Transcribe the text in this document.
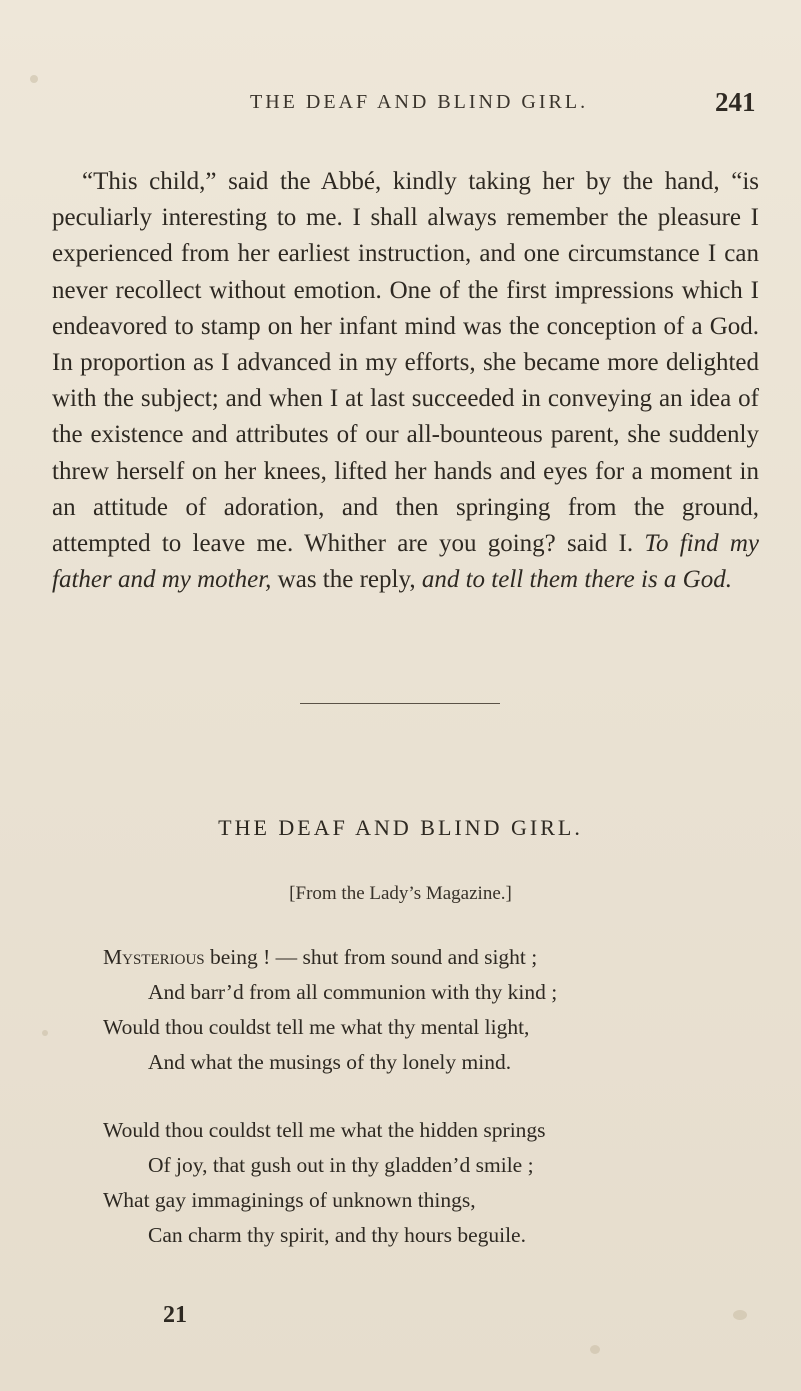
THE DEAF AND BLIND GIRL.	241

“This child,” said the Abbé, kindly taking her by the hand, “is peculiarly interesting to me. I shall always remember the pleasure I experienced from her earliest instruction, and one circumstance I can never recollect without emotion. One of the first impressions which I endeavored to stamp on her infant mind was the conception of a God. In proportion as I advanced in my efforts, she became more delighted with the subject; and when I at last succeeded in conveying an idea of the existence and attributes of our all-bounteous parent, she suddenly threw herself on her knees, lifted her hands and eyes for a moment in an attitude of adoration, and then springing from the ground, attempted to leave me. Whither are you going? said I. To find my father and my mother, was the reply, and to tell them there is a God.

THE DEAF AND BLIND GIRL.
[From the Lady’s Magazine.]
Mysterious being ! — shut from sound and sight ;
And barr’d from all communion with thy kind ;
Would thou couldst tell me what thy mental light,
And what the musings of thy lonely mind.
Would thou couldst tell me what the hidden springs
Of joy, that gush out in thy gladden’d smile ;
What gay immaginings of unknown things,
Can charm thy spirit, and thy hours beguile.
21
